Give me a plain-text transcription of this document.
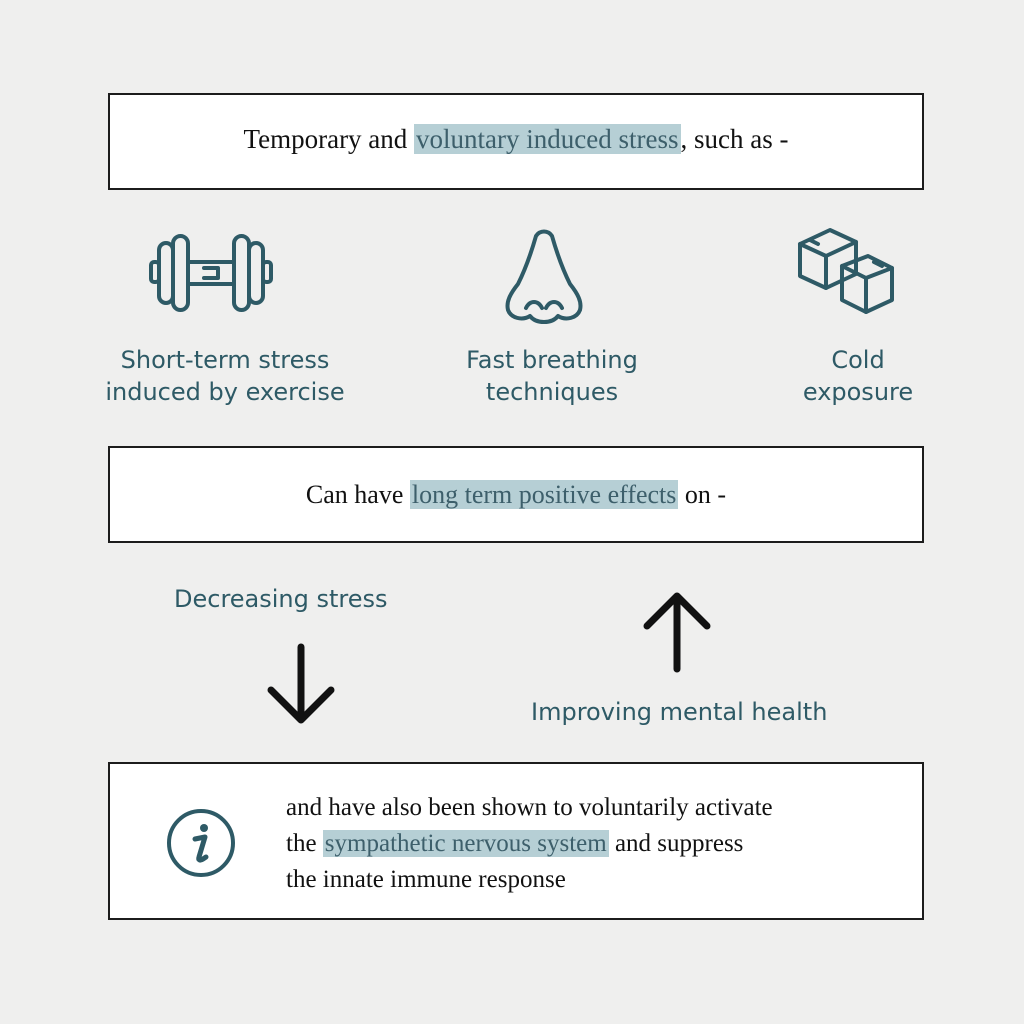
Temporary and voluntary induced stress, such as -
Short-term stress
induced by exercise
Fast breathing
techniques
Cold
exposure
Can have long term positive effects on -
Decreasing stress
Improving mental health
and have also been shown to voluntarily activate
the sympathetic nervous system and suppress
the innate immune response
